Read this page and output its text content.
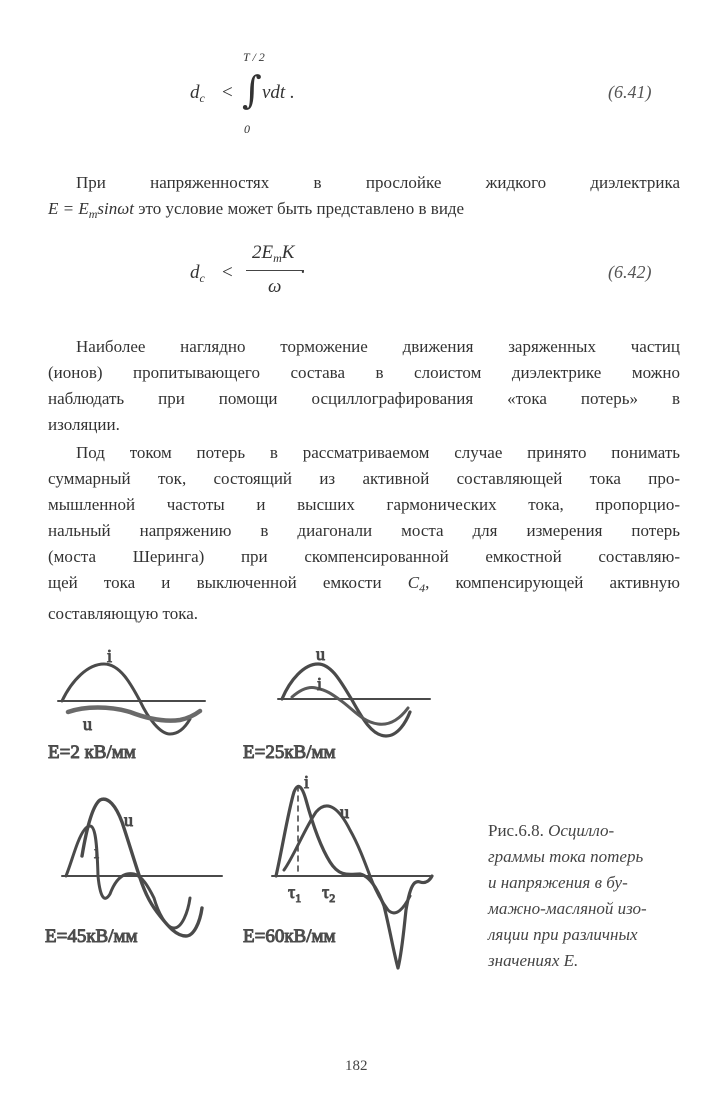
T / 2
$d_c$ < ∫ vdt .
0
(6.41)
При напряженностях в прослойке жидкого диэлектрика
$E = E_m\sin\omega t$ это условие может быть представлено в виде
$d_c$ <
$2E_mK$
.
ω
(6.42)
Наиболее наглядно торможение движения заряженных частиц
(ионов) пропитывающего состава в слоистом диэлектрике можно
наблюдать при помощи осциллографирования «тока потерь» в
изоляции.
Под током потерь в рассматриваемом случае принято понимать
суммарный ток, состоящий из активной составляющей тока про-
мышленной частоты и высших гармонических тока, пропорцио-
нальный напряжению в диагонали моста для измерения потерь
(моста Шеринга) при скомпенсированной емкостной составляю-
щей тока и выключенной емкости $C_4$, компенсирующей активную
составляющую тока.
i
u
E=2 кВ/мм
u
i
E=25кВ/мм
u
i
E=45кВ/мм
i
u
$\tau_1$ $\tau_2$
E=60кВ/мм
Рис.6.8. Осцилло-
граммы тока потерь
и напряжения в бу-
мажно-масляной изо-
ляции при различных
значениях E.
182
